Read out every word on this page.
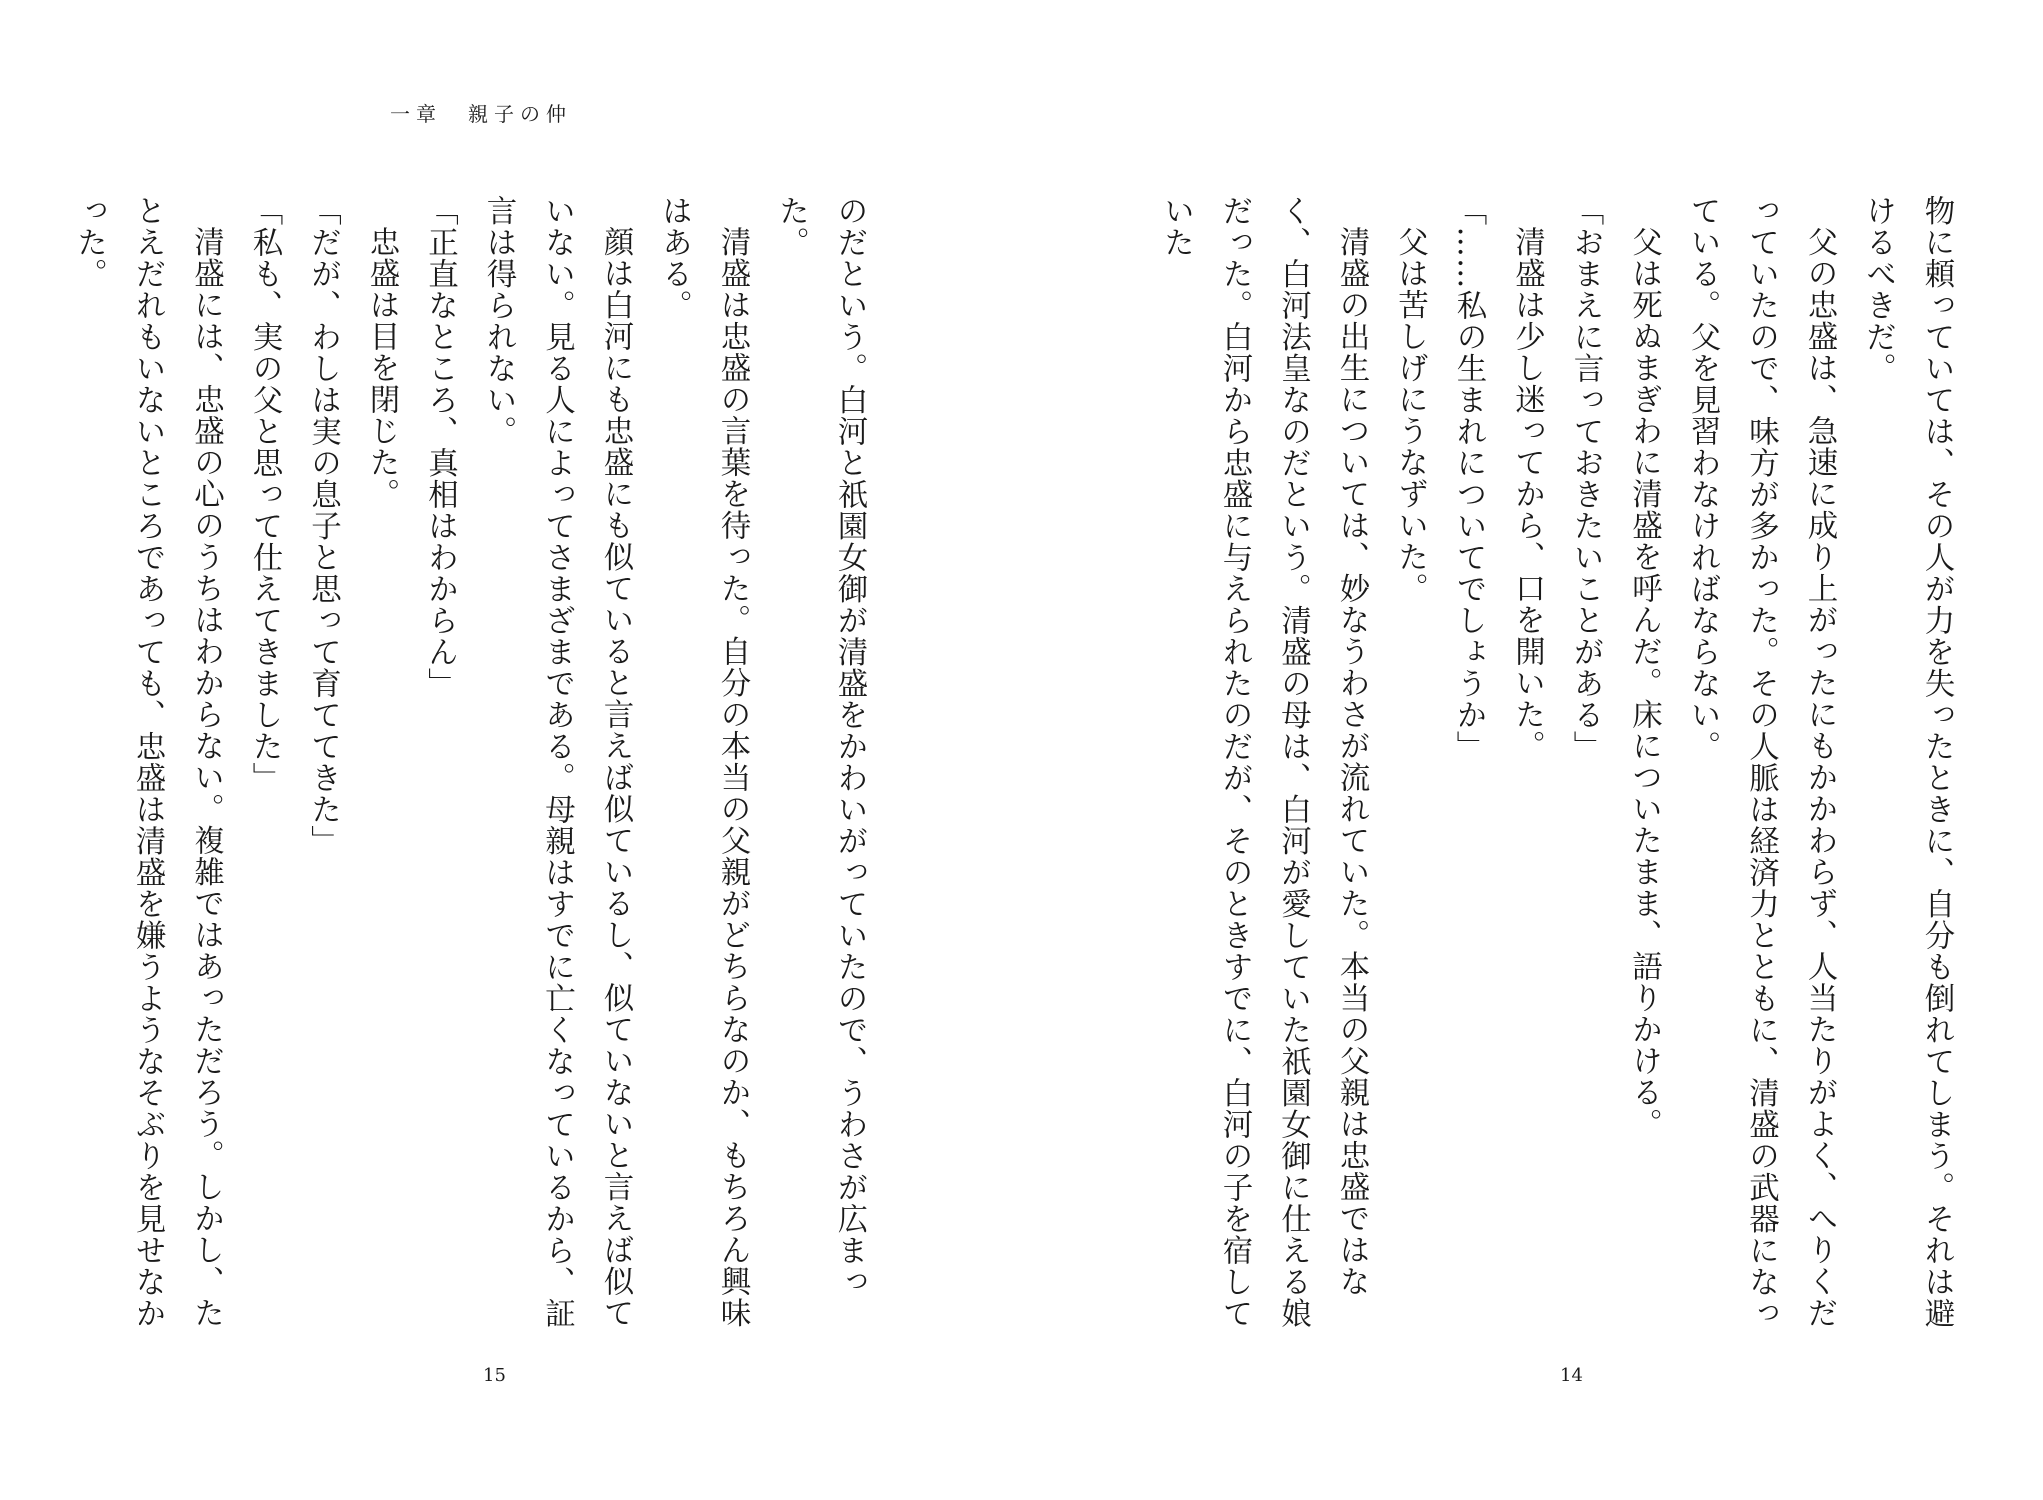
一章　親子の仲

のだという。白河と祇園女御が清盛をかわいがっていたので、うわさが広まった。

清盛は忠盛の言葉を待った。自分の本当の父親がどちらなのか、もちろん興味はある。

顔は白河にも忠盛にも似ていると言えば似ているし、似ていないと言えば似ていない。見る人によってさまざまである。母親はすでに亡くなっているから、証言は得られない。

「正直なところ、真相はわからん」

忠盛は目を閉じた。

「だが、わしは実の息子と思って育ててきた」

「私も、実の父と思って仕えてきました」

清盛には、忠盛の心のうちはわからない。複雑ではあっただろう。しかし、たとえだれもいないところであっても、忠盛は清盛を嫌うようなそぶりを見せなかった。

15

物に頼っていては、その人が力を失ったときに、自分も倒れてしまう。それは避けるべきだ。

父の忠盛は、急速に成り上がったにもかかわらず、人当たりがよく、へりくだっていたので、味方が多かった。その人脈は経済力とともに、清盛の武器になっている。父を見習わなければならない。

父は死ぬまぎわに清盛を呼んだ。床についたまま、語りかける。

「おまえに言っておきたいことがある」

清盛は少し迷ってから、口を開いた。

「……私の生まれについてでしょうか」

父は苦しげにうなずいた。

清盛の出生については、妙なうわさが流れていた。本当の父親は忠盛ではなく、白河法皇なのだという。清盛の母は、白河が愛していた祇園女御に仕える娘だった。白河から忠盛に与えられたのだが、そのときすでに、白河の子を宿していた

14
